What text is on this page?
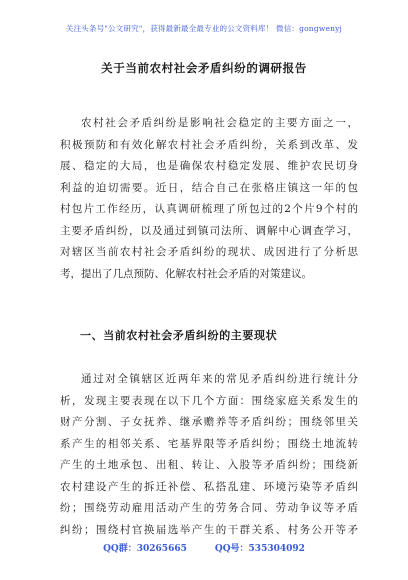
关注头条号"公文研究"，获得最新最全最专业的公文资料库！ 微信：gongwenyj
关于当前农村社会矛盾纠纷的调研报告
农村社会矛盾纠纷是影响社会稳定的主要方面之一，
积极预防和有效化解农村社会矛盾纠纷，关系到改革、发
展、稳定的大局，也是确保农村稳定发展、维护农民切身
利益的迫切需要。近日，结合自己在张格庄镇这一年的包
村包片工作经历，认真调研梳理了所包过的2个片9个村的
主要矛盾纠纷，以及通过到镇司法所、调解中心调查学习，
对辖区当前农村社会矛盾纠纷的现状、成因进行了分析思
考，提出了几点预防、化解农村社会矛盾的对策建议。
一、当前农村社会矛盾纠纷的主要现状
通过对全镇辖区近两年来的常见矛盾纠纷进行统计分
析，发现主要表现在以下几个方面：围绕家庭关系发生的
财产分割、子女抚养、继承赡养等矛盾纠纷；围绕邻里关
系产生的相邻关系、宅基界限等矛盾纠纷；围绕土地流转
产生的土地承包、出租、转让、入股等矛盾纠纷；围绕新
农村建设产生的拆迁补偿、私搭乱建、环境污染等矛盾纠
纷；围绕劳动雇用活动产生的劳务合同、劳动争议等矛盾
纠纷；围绕村官换届选举产生的干群关系、村务公开等矛
QQ群：30265665	QQ号：535304092
